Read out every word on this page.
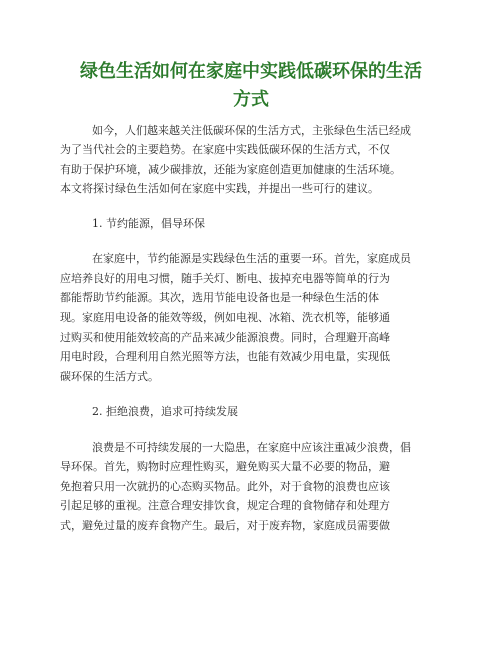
绿色生活如何在家庭中实践低碳环保的生活
方式

如今，人们越来越关注低碳环保的生活方式，主张绿色生活已经成

为了当代社会的主要趋势。在家庭中实践低碳环保的生活方式，不仅

有助于保护环境，减少碳排放，还能为家庭创造更加健康的生活环境。

本文将探讨绿色生活如何在家庭中实践，并提出一些可行的建议。

1. 节约能源，倡导环保

在家庭中，节约能源是实践绿色生活的重要一环。首先，家庭成员

应培养良好的用电习惯，随手关灯、断电、拔掉充电器等简单的行为

都能帮助节约能源。其次，选用节能电设备也是一种绿色生活的体

现。家庭用电设备的能效等级，例如电视、冰箱、洗衣机等，能够通

过购买和使用能效较高的产品来减少能源浪费。同时，合理避开高峰

用电时段，合理利用自然光照等方法，也能有效减少用电量，实现低

碳环保的生活方式。

2. 拒绝浪费，追求可持续发展

浪费是不可持续发展的一大隐患，在家庭中应该注重减少浪费，倡

导环保。首先，购物时应理性购买，避免购买大量不必要的物品，避

免抱着只用一次就扔的心态购买物品。此外，对于食物的浪费也应该

引起足够的重视。注意合理安排饮食，规定合理的食物储存和处理方

式，避免过量的废弃食物产生。最后，对于废弃物，家庭成员需要做
